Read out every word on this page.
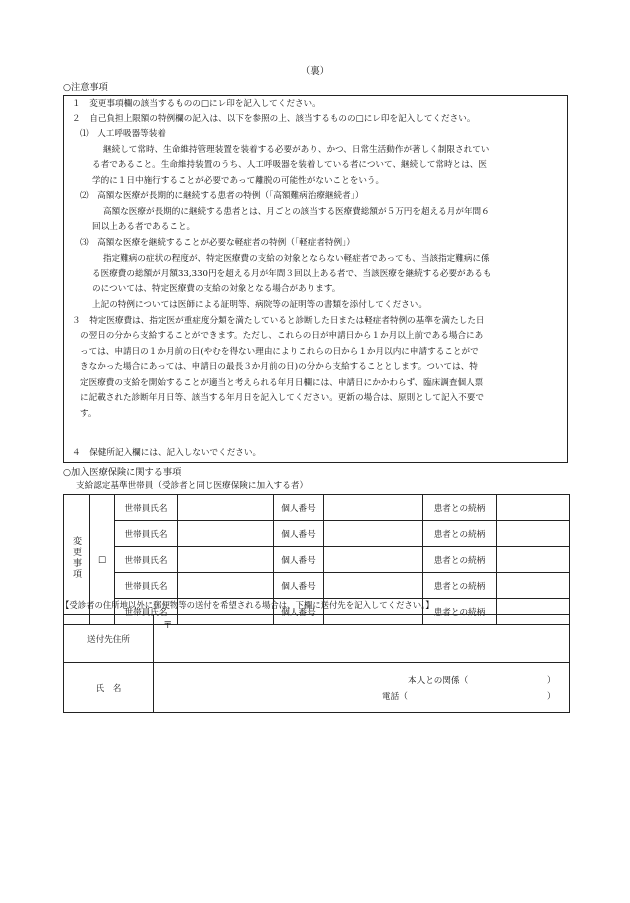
（裏）
○注意事項
１　変更事項欄の該当するものの□にレ印を記入してください。
２　自己負担上限額の特例欄の記入は、以下を参照の上、該当するものの□にレ印を記入してください。
⑴　人工呼吸器等装着
継続して常時、生命維持管理装置を装着する必要があり、かつ、日常生活動作が著しく制限されてい
る者であること。生命維持装置のうち、人工呼吸器を装着している者について、継続して常時とは、医
学的に１日中施行することが必要であって離脱の可能性がないことをいう。
⑵　高額な医療が長期的に継続する患者の特例（「高額難病治療継続者」）
高額な医療が長期的に継続する患者とは、月ごとの該当する医療費総額が５万円を超える月が年間６
回以上ある者であること。
⑶　高額な医療を継続することが必要な軽症者の特例（「軽症者特例」）
指定難病の症状の程度が、特定医療費の支給の対象とならない軽症者であっても、当該指定難病に係
る医療費の総額が月額33,330円を超える月が年間３回以上ある者で、当該医療を継続する必要があるも
のについては、特定医療費の支給の対象となる場合があります。
上記の特例については医師による証明等、病院等の証明等の書類を添付してください。
３　特定医療費は、指定医が重症度分類を満たしていると診断した日または軽症者特例の基準を満たした日
の翌日の分から支給することができます。ただし、これらの日が申請日から１か月以上前である場合にあ
っては、申請日の１か月前の日(やむを得ない理由によりこれらの日から１か月以内に申請することがで
きなかった場合にあっては、申請日の最長３か月前の日)の分から支給することとします。ついては、特
定医療費の支給を開始することが適当と考えられる年月日欄には、申請日にかかわらず、臨床調査個人票
に記載された診断年月日等、該当する年月日を記入してください。更新の場合は、原則として記入不要で
す。
４　保健所記入欄には、記入しないでください。
○加入医療保険に関する事項
支給認定基準世帯員（受診者と同じ医療保険に加入する者）
変更事項	□	世帯員氏名		個人番号		患者との続柄	
		世帯員氏名		個人番号		患者との続柄	
		世帯員氏名		個人番号		患者との続柄	
		世帯員氏名		個人番号		患者との続柄	
		世帯員氏名		個人番号		患者との続柄	
【受診者の住所地以外に郵便物等の送付を希望される場合は、下欄に送付先を記入してください。】
送付先住所	〒

氏　名	本人との関係（ ）
電話（ ）
